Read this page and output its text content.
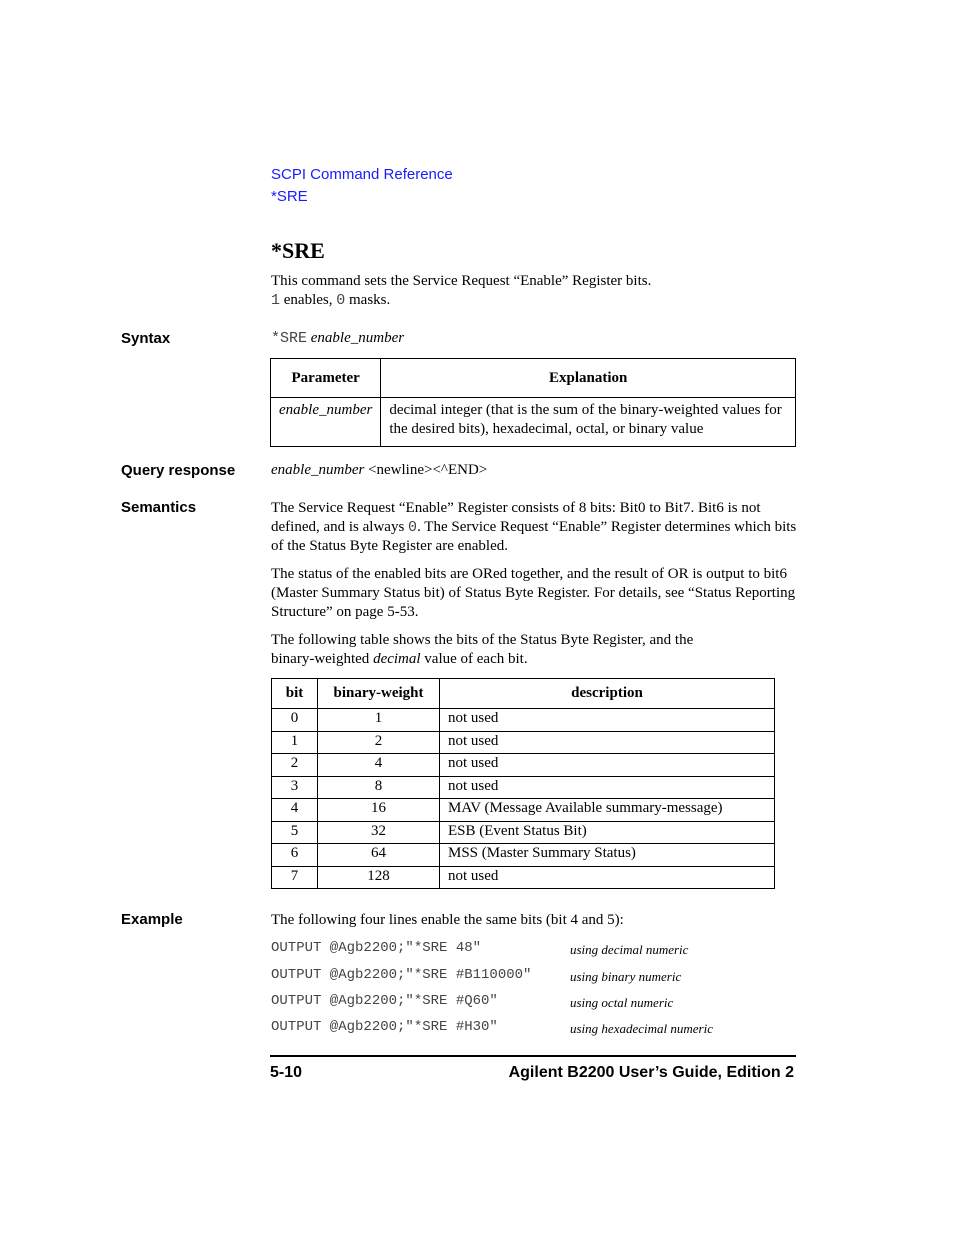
SCPI Command Reference
*SRE
*SRE

This command sets the Service Request “Enable” Register bits.

1 enables, 0 masks.

Syntax	*SRE enable_number
Parameter	Explanation
enable_number	decimal integer (that is the sum of the binary-weighted values for the desired bits), hexadecimal, octal, or binary value
Query response enable_number <newline><^END>
Semantics	The Service Request “Enable” Register consists of 8 bits: Bit0 to Bit7. Bit6 is not defined, and is always 0. The Service Request “Enable” Register determines which bits of the Status Byte Register are enabled.

The status of the enabled bits are ORed together, and the result of OR is output to bit6 (Master Summary Status bit) of Status Byte Register. For details, see “Status Reporting Structure” on page 5-53.

The following table shows the bits of the Status Byte Register, and the binary-weighted decimal value of each bit.

bit	binary-weight	description
0	1	not used
1	2	not used
2	4	not used
3	8	not used
4	16	MAV (Message Available summary-message)
5	32	ESB (Event Status Bit)
6	64	MSS (Master Summary Status)
7	128	not used
Example	The following four lines enable the same bits (bit 4 and 5):

OUTPUT @Agb2200;"*SRE 48"	using decimal numeric
OUTPUT @Agb2200;"*SRE #B110000"	using binary numeric
OUTPUT @Agb2200;"*SRE #Q60"	using octal numeric
OUTPUT @Agb2200;"*SRE #H30"	using hexadecimal numeric
5-10	Agilent B2200 User’s Guide, Edition 2
